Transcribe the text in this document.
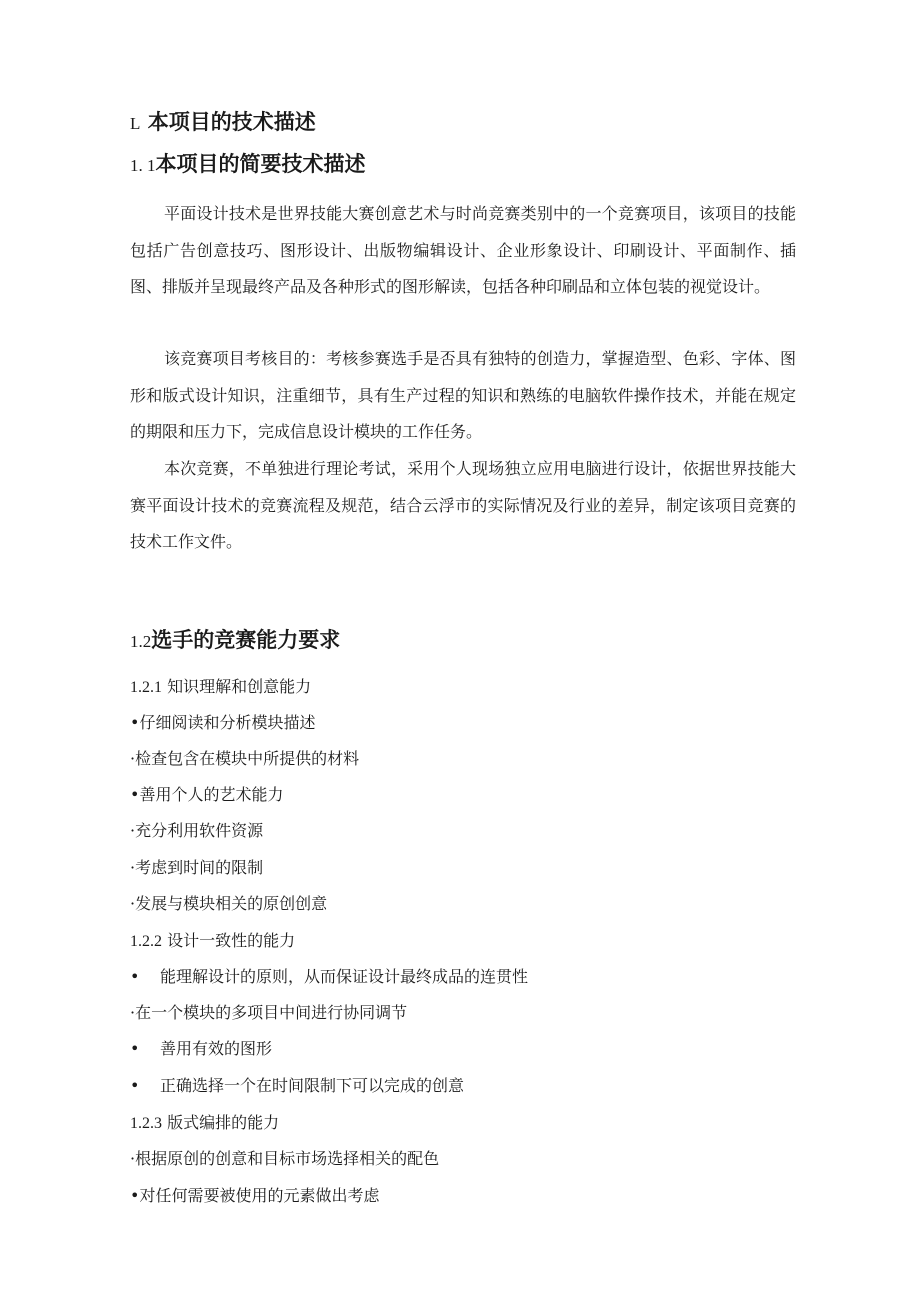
L 本项目的技术描述
1. 1本项目的简要技术描述

平面设计技术是世界技能大赛创意艺术与时尚竞赛类别中的一个竞赛项目，该项目的技能包括广告创意技巧、图形设计、出版物编辑设计、企业形象设计、印刷设计、平面制作、插图、排版并呈现最终产品及各种形式的图形解读，包括各种印刷品和立体包装的视觉设计。

该竞赛项目考核目的：考核参赛选手是否具有独特的创造力，掌握造型、色彩、字体、图形和版式设计知识，注重细节，具有生产过程的知识和熟练的电脑软件操作技术，并能在规定的期限和压力下，完成信息设计模块的工作任务。

本次竞赛，不单独进行理论考试，采用个人现场独立应用电脑进行设计，依据世界技能大赛平面设计技术的竞赛流程及规范，结合云浮市的实际情况及行业的差异，制定该项目竞赛的技术工作文件。

1.2选手的竞赛能力要求
1.2.1 知识理解和创意能力
•仔细阅读和分析模块描述
·检查包含在模块中所提供的材料
•善用个人的艺术能力
·充分利用软件资源
·考虑到时间的限制
·发展与模块相关的原创创意
1.2.2 设计一致性的能力
• 能理解设计的原则，从而保证设计最终成品的连贯性
·在一个模块的多项目中间进行协同调节
• 善用有效的图形
• 正确选择一个在时间限制下可以完成的创意
1.2.3 版式编排的能力
·根据原创的创意和目标市场选择相关的配色
•对任何需要被使用的元素做出考虑
